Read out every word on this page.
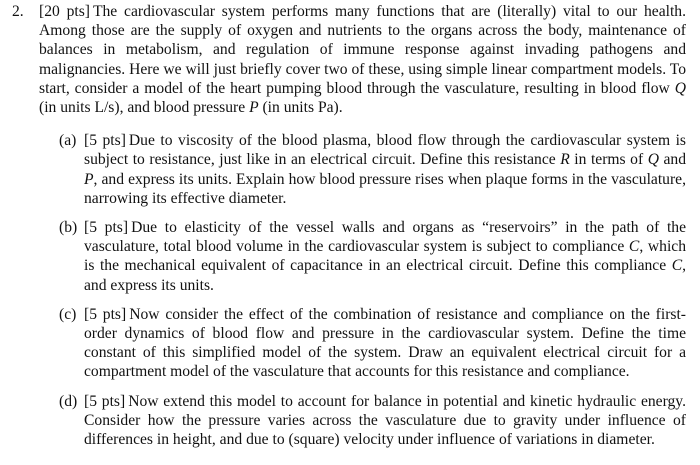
2. [20 pts] The cardiovascular system performs many functions that are (literally) vital to our health. Among those are the supply of oxygen and nutrients to the organs across the body, maintenance of balances in metabolism, and regulation of immune response against invading pathogens and malignancies. Here we will just briefly cover two of these, using simple linear compartment models. To start, consider a model of the heart pumping blood through the vasculature, resulting in blood flow Q (in units L/s), and blood pressure P (in units Pa).

(a) [5 pts] Due to viscosity of the blood plasma, blood flow through the cardiovascular system is subject to resistance, just like in an electrical circuit. Define this resistance R in terms of Q and P, and express its units. Explain how blood pressure rises when plaque forms in the vasculature, narrowing its effective diameter.
(b) [5 pts] Due to elasticity of the vessel walls and organs as “reservoirs” in the path of the vasculature, total blood volume in the cardiovascular system is subject to compliance C, which is the mechanical equivalent of capacitance in an electrical circuit. Define this compliance C, and express its units.
(c) [5 pts] Now consider the effect of the combination of resistance and compliance on the first-order dynamics of blood flow and pressure in the cardiovascular system. Define the time constant of this simplified model of the system. Draw an equivalent electrical circuit for a compartment model of the vasculature that accounts for this resistance and compliance.
(d) [5 pts] Now extend this model to account for balance in potential and kinetic hydraulic energy. Consider how the pressure varies across the vasculature due to gravity under influence of differences in height, and due to (square) velocity under influence of variations in diameter.
